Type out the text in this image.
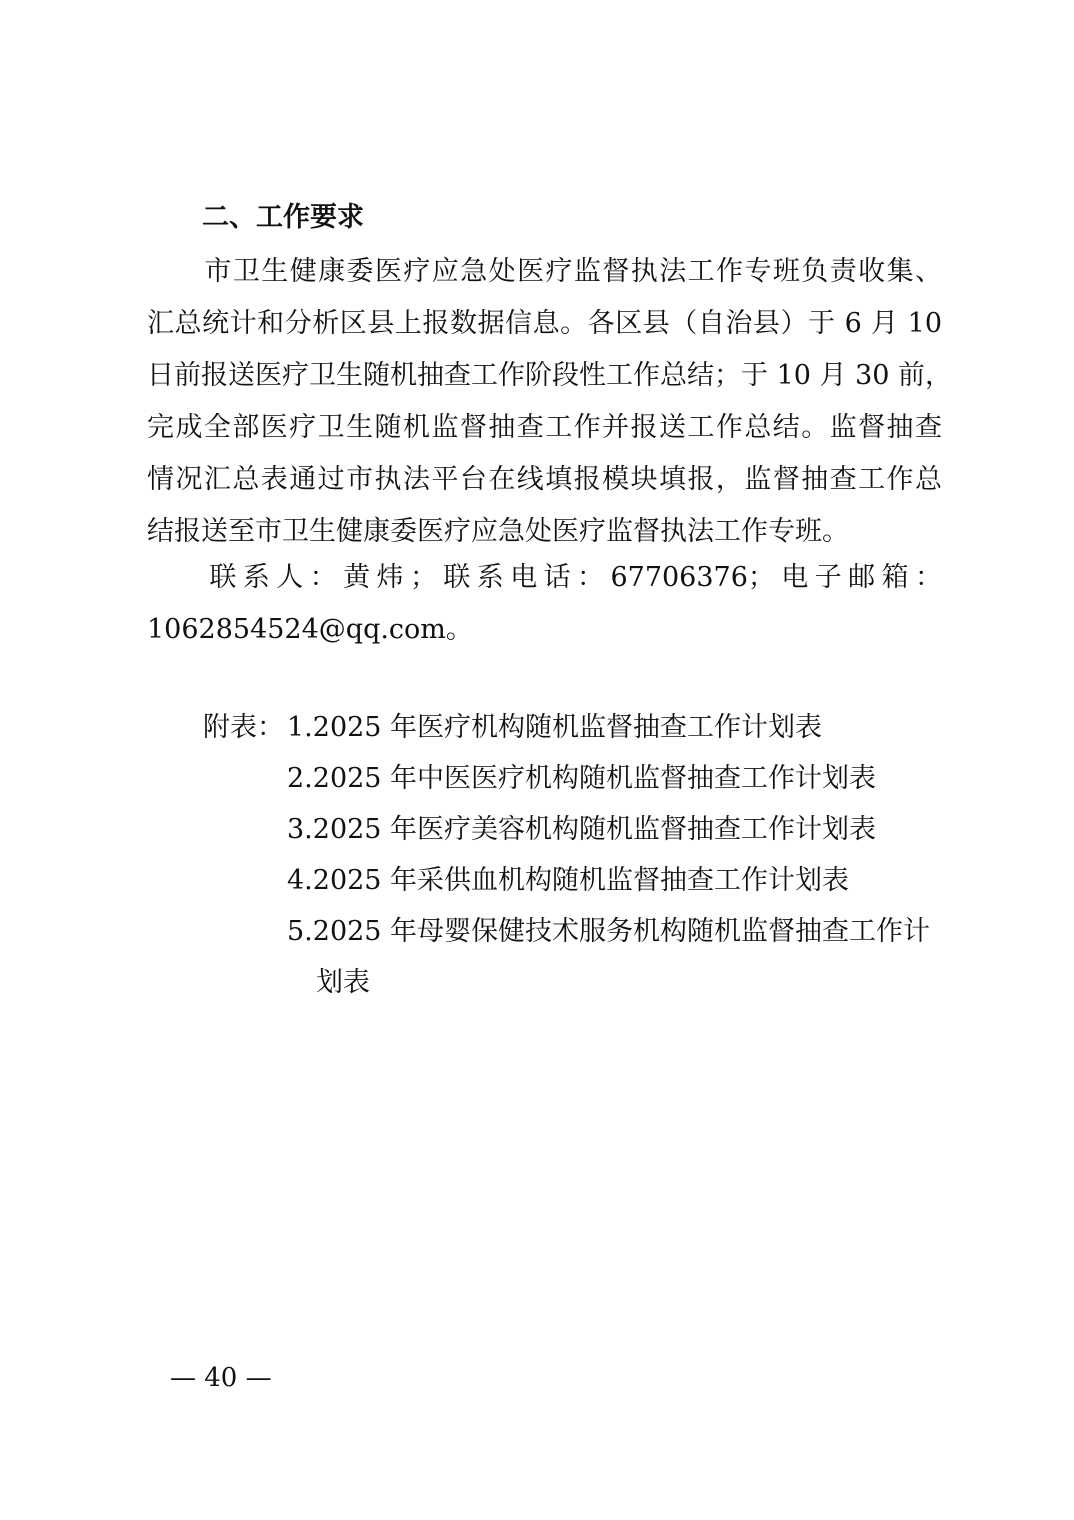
二、工作要求
市卫生健康委医疗应急处医疗监督执法工作专班负责收集、
汇总统计和分析区县上报数据信息。各区县（自治县）于 6 月 10
日前报送医疗卫生随机抽查工作阶段性工作总结；于 10 月 30 前，
完成全部医疗卫生随机监督抽查工作并报送工作总结。监督抽查
情况汇总表通过市执法平台在线填报模块填报，监督抽查工作总
结报送至市卫生健康委医疗应急处医疗监督执法工作专班。
联系人：黄炜；联系电话：67706376；电子邮箱：
1062854524@qq.com。
附表： 1.2025 年医疗机构随机监督抽查工作计划表
2.2025 年中医医疗机构随机监督抽查工作计划表
3.2025 年医疗美容机构随机监督抽查工作计划表
4.2025 年采供血机构随机监督抽查工作计划表
5.2025 年母婴保健技术服务机构随机监督抽查工作计
划表
— 40 —
